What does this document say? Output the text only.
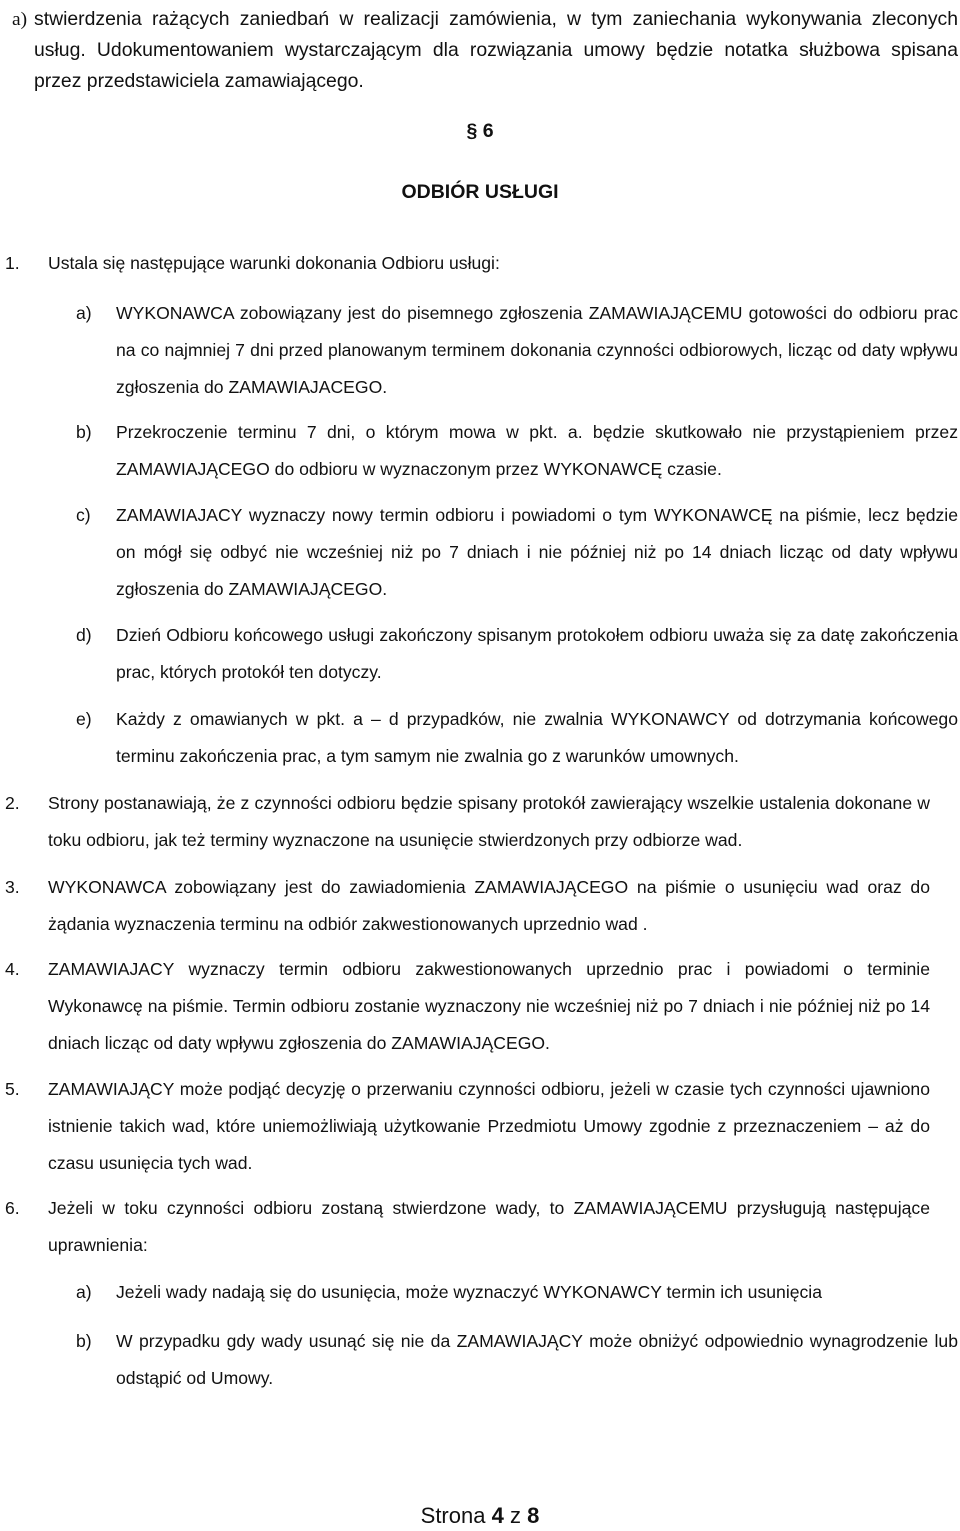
a) stwierdzenia rażących zaniedbań w realizacji zamówienia, w tym zaniechania wykonywania zleconych usług. Udokumentowaniem wystarczającym dla rozwiązania umowy będzie notatka służbowa spisana przez przedstawiciela zamawiającego.
§ 6
ODBIÓR USŁUGI
1. Ustala się następujące warunki dokonania Odbioru usługi:
a) WYKONAWCA zobowiązany jest do pisemnego zgłoszenia ZAMAWIAJĄCEMU gotowości do odbioru prac na co najmniej 7 dni przed planowanym terminem dokonania czynności odbiorowych, licząc od daty wpływu zgłoszenia do ZAMAWIAJACEGO.
b) Przekroczenie terminu 7 dni, o którym mowa w pkt. a. będzie skutkowało nie przystąpieniem przez ZAMAWIAJĄCEGO do odbioru w wyznaczonym przez WYKONAWCĘ czasie.
c) ZAMAWIAJACY wyznaczy nowy termin odbioru i powiadomi o tym WYKONAWCĘ na piśmie, lecz będzie on mógł się odbyć nie wcześniej niż po 7 dniach i nie później niż po 14 dniach licząc od daty wpływu zgłoszenia do ZAMAWIAJĄCEGO.
d) Dzień Odbioru końcowego usługi zakończony spisanym protokołem odbioru uważa się za datę zakończenia prac, których protokół ten dotyczy.
e) Każdy z omawianych w pkt. a – d przypadków, nie zwalnia WYKONAWCY od dotrzymania końcowego terminu zakończenia prac, a tym samym nie zwalnia go z warunków umownych.
2. Strony postanawiają, że z czynności odbioru będzie spisany protokół zawierający wszelkie ustalenia dokonane w toku odbioru, jak też terminy wyznaczone na usunięcie stwierdzonych przy odbiorze wad.
3. WYKONAWCA zobowiązany jest do zawiadomienia ZAMAWIAJĄCEGO na piśmie o usunięciu wad oraz do żądania wyznaczenia terminu na odbiór zakwestionowanych uprzednio wad .
4. ZAMAWIAJACY wyznaczy termin odbioru zakwestionowanych uprzednio prac i powiadomi o terminie Wykonawcę na piśmie. Termin odbioru zostanie wyznaczony nie wcześniej niż po 7 dniach i nie później niż po 14 dniach licząc od daty wpływu zgłoszenia do ZAMAWIAJĄCEGO.
5. ZAMAWIAJĄCY może podjąć decyzję o przerwaniu czynności odbioru, jeżeli w czasie tych czynności ujawniono istnienie takich wad, które uniemożliwiają użytkowanie Przedmiotu Umowy zgodnie z przeznaczeniem – aż do czasu usunięcia tych wad.
6. Jeżeli w toku czynności odbioru zostaną stwierdzone wady, to ZAMAWIAJĄCEMU przysługują następujące uprawnienia:
a) Jeżeli wady nadają się do usunięcia, może wyznaczyć WYKONAWCY termin ich usunięcia
b) W przypadku gdy wady usunąć się nie da ZAMAWIAJĄCY może obniżyć odpowiednio wynagrodzenie lub odstąpić od Umowy.
Strona 4 z 8
